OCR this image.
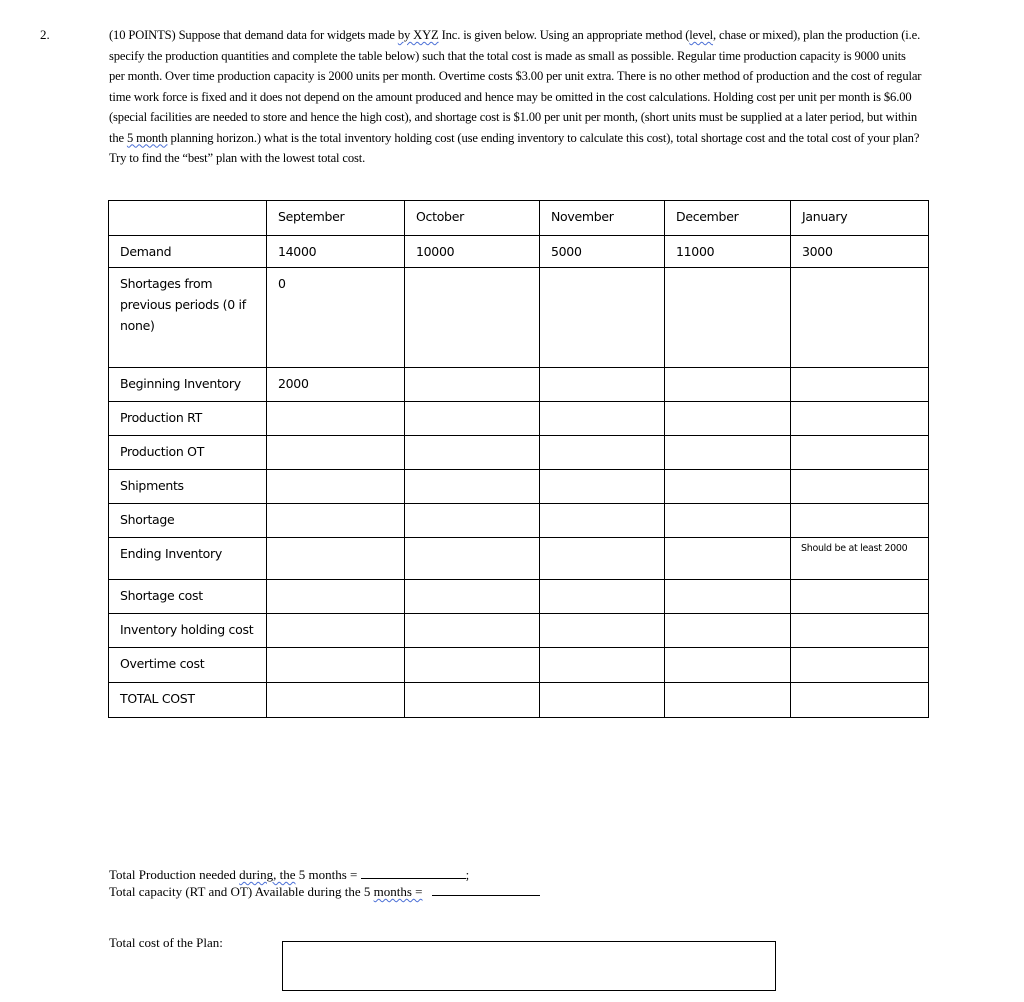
2.	(10 POINTS) Suppose that demand data for widgets made by XYZ Inc. is given below. Using an appropriate method (level, chase or mixed), plan the production (i.e. specify the production quantities and complete the table below) such that the total cost is made as small as possible. Regular time production capacity is 9000 units per month. Over time production capacity is 2000 units per month. Overtime costs $3.00 per unit extra. There is no other method of production and the cost of regular time work force is fixed and it does not depend on the amount produced and hence may be omitted in the cost calculations. Holding cost per unit per month is $6.00 (special facilities are needed to store and hence the high cost), and shortage cost is $1.00 per unit per month, (short units must be supplied at a later period, but within the 5 month planning horizon.) what is the total inventory holding cost (use ending inventory to calculate this cost), total shortage cost and the total cost of your plan? Try to find the “best” plan with the lowest total cost.
	September	October	November	December	January
Demand	14000	10000	5000	11000	3000
Shortages from previous periods (0 if none)	0				
Beginning Inventory	2000				
Production RT					
Production OT					
Shipments					
Shortage					
Ending Inventory					Should be at least 2000
Shortage cost					
Inventory holding cost					
Overtime cost					
TOTAL COST					
Total Production needed during, the 5 months =	;
Total capacity (RT and OT) Available during the 5 months =
Total cost of the Plan:
